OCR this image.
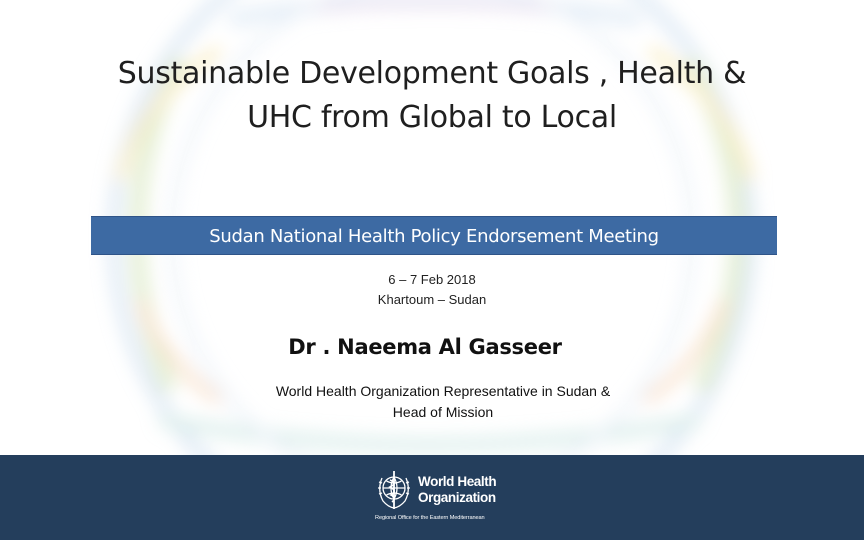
Sustainable Development Goals , Health &
UHC from Global to Local
Sudan National Health Policy Endorsement Meeting
6 – 7 Feb 2018
Khartoum – Sudan
Dr . Naeema Al Gasseer
World Health Organization Representative in Sudan &
Head of Mission
World Health
Organization
Regional Office for the Eastern Mediterranean
